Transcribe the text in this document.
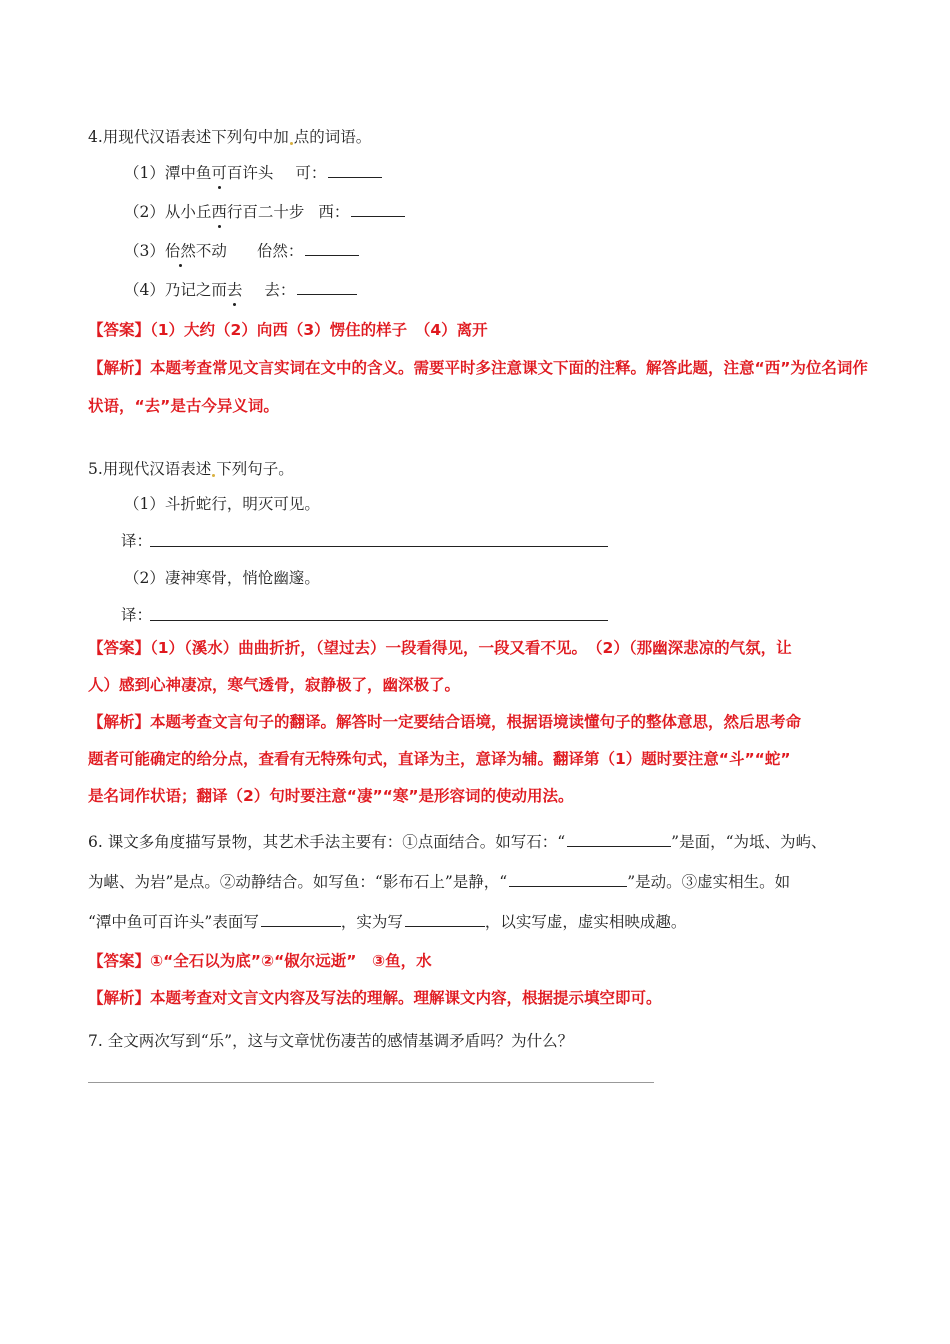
4.用现代汉语表述下列句中加 点的词语。
（1）潭中鱼可百许头 可：
（2）从小丘西行百二十步 西：
（3）佁然不动 佁然：
（4）乃记之而去 去：
【答案】（1）大约（2）向西（3）愣住的样子　（4）离开
【解析】本题考查常见文言实词在文中的含义。需要平时多注意课文下面的注释。解答此题，注意“西”为位名词作
状语，“去”是古今异义词。
5.用现代汉语表述 下列句子。
（1）斗折蛇行，明灭可见。
译：
（2）凄神寒骨，悄怆幽邃。
译：
【答案】（1）（溪水）曲曲折折，（望过去）一段看得见，一段又看不见。　（2）（那幽深悲凉的气氛，让
人）感到心神凄凉，寒气透骨，寂静极了，幽深极了。
【解析】本题考查文言句子的翻译。解答时一定要结合语境，根据语境读懂句子的整体意思，然后思考命
题者可能确定的给分点，查看有无特殊句式，直译为主，意译为辅。翻译第（1）题时要注意“斗”“蛇”
是名词作状语；翻译（2）句时要注意“凄”“寒”是形容词的使动用法。
6. 课文多角度描写景物，其艺术手法主要有：①点面结合。如写石：“	”是面，“为坻、为屿、
为嵁、为岩”是点。②动静结合。如写鱼：“影布石上”是静，“	”是动。③虚实相生。如
“潭中鱼可百许头”表面写	，实为写	，以实写虚，虚实相映成趣。
【答案】①“全石以为底”②“俶尔远逝”　③鱼，水
【解析】本题考查对文言文内容及写法的理解。理解课文内容，根据提示填空即可。
7. 全文两次写到“乐”，这与文章忧伤凄苦的感情基调矛盾吗？为什么？
